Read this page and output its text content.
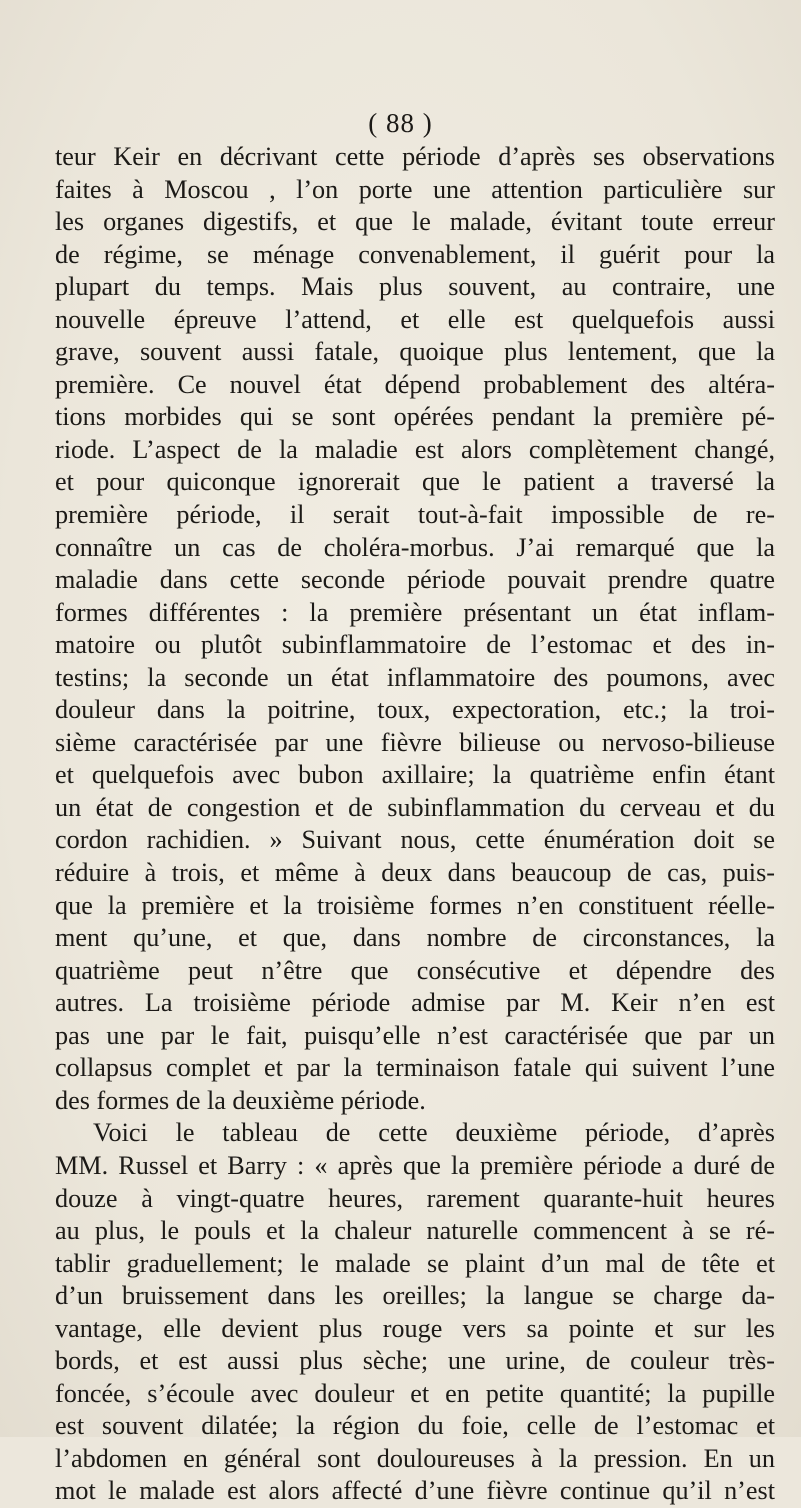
( 88 )
teur Keir en décrivant cette période d’après ses observations
faites à Moscou , l’on porte une attention particulière sur
les organes digestifs, et que le malade, évitant toute erreur
de régime, se ménage convenablement, il guérit pour la
plupart du temps. Mais plus souvent, au contraire, une
nouvelle épreuve l’attend, et elle est quelquefois aussi
grave, souvent aussi fatale, quoique plus lentement, que la
première. Ce nouvel état dépend probablement des altéra-
tions morbides qui se sont opérées pendant la première pé-
riode. L’aspect de la maladie est alors complètement changé,
et pour quiconque ignorerait que le patient a traversé la
première période, il serait tout-à-fait impossible de re-
connaître un cas de choléra-morbus. J’ai remarqué que la
maladie dans cette seconde période pouvait prendre quatre
formes différentes : la première présentant un état inflam-
matoire ou plutôt subinflammatoire de l’estomac et des in-
testins; la seconde un état inflammatoire des poumons, avec
douleur dans la poitrine, toux, expectoration, etc.; la troi-
sième caractérisée par une fièvre bilieuse ou nervoso-bilieuse
et quelquefois avec bubon axillaire; la quatrième enfin étant
un état de congestion et de subinflammation du cerveau et du
cordon rachidien. » Suivant nous, cette énumération doit se
réduire à trois, et même à deux dans beaucoup de cas, puis-
que la première et la troisième formes n’en constituent réelle-
ment qu’une, et que, dans nombre de circonstances, la
quatrième peut n’être que consécutive et dépendre des
autres. La troisième période admise par M. Keir n’en est
pas une par le fait, puisqu’elle n’est caractérisée que par un
collapsus complet et par la terminaison fatale qui suivent l’une
des formes de la deuxième période.
Voici le tableau de cette deuxième période, d’après
MM. Russel et Barry : « après que la première période a duré de
douze à vingt-quatre heures, rarement quarante-huit heures
au plus, le pouls et la chaleur naturelle commencent à se ré-
tablir graduellement; le malade se plaint d’un mal de tête et
d’un bruissement dans les oreilles; la langue se charge da-
vantage, elle devient plus rouge vers sa pointe et sur les
bords, et est aussi plus sèche; une urine, de couleur très-
foncée, s’écoule avec douleur et en petite quantité; la pupille
est souvent dilatée; la région du foie, celle de l’estomac et
l’abdomen en général sont douloureuses à la pression. En un
mot le malade est alors affecté d’une fièvre continue qu’il n’est
